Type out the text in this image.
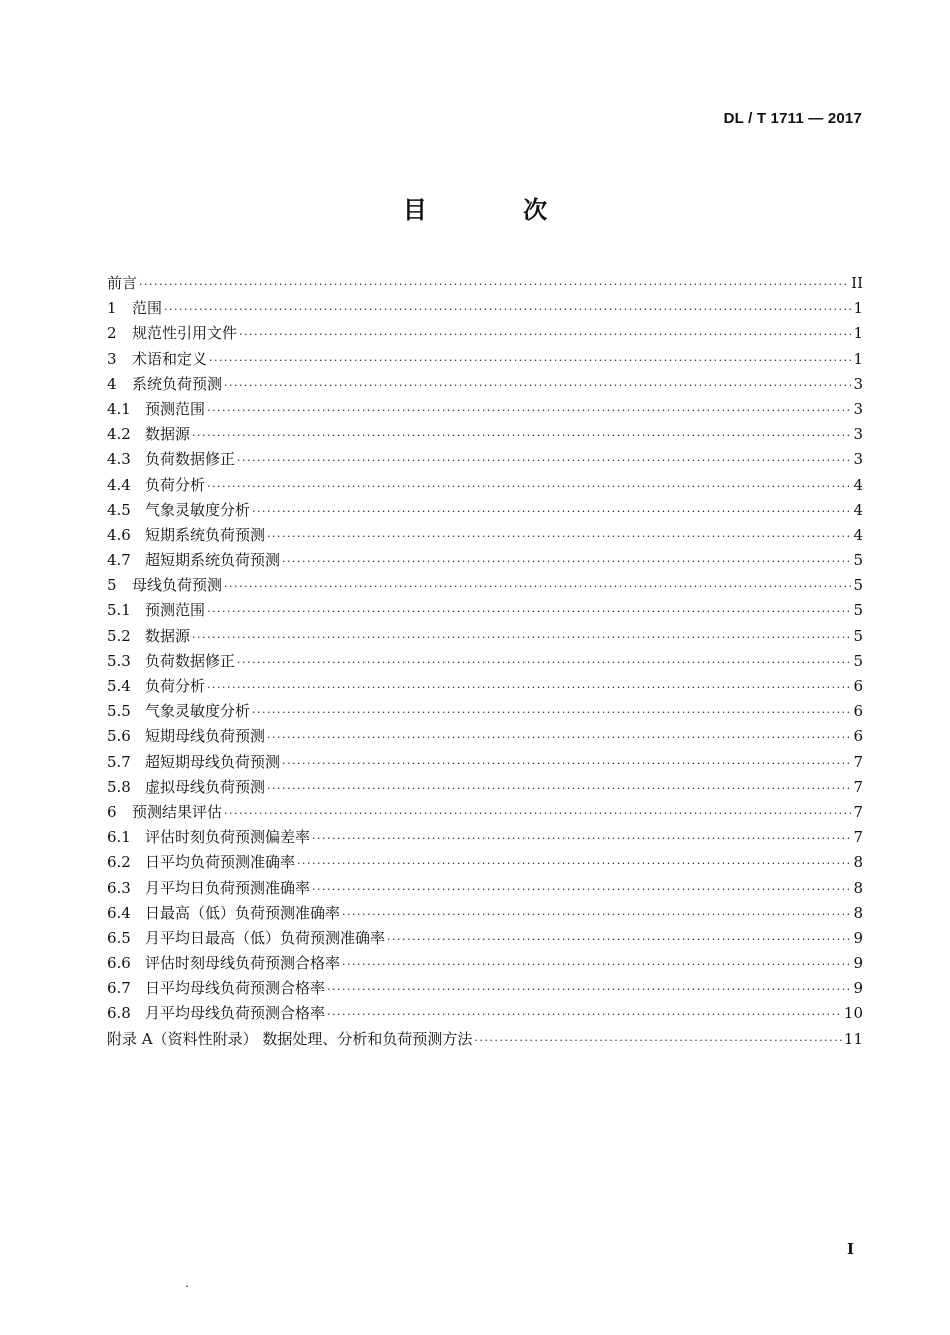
DL / T 1711 — 2017
目 次
前言 ·····	II
1	范围 ·····	1
2	规范性引用文件 ·····	1
3	术语和定义 ·····	1
4	系统负荷预测 ·····	3
4.1 预测范围 ·····	3
4.2 数据源 ·····	3
4.3 负荷数据修正 ·····	3
4.4 负荷分析 ·····	4
4.5 气象灵敏度分析 ·····	4
4.6 短期系统负荷预测 ·····	4
4.7 超短期系统负荷预测 ·····	5
5	母线负荷预测 ·····	5
5.1 预测范围 ·····	5
5.2 数据源 ·····	5
5.3 负荷数据修正 ·····	5
5.4 负荷分析 ·····	6
5.5 气象灵敏度分析 ·····	6
5.6 短期母线负荷预测 ·····	6
5.7 超短期母线负荷预测 ·····	7
5.8 虚拟母线负荷预测 ·····	7
6	预测结果评估 ·····	7
6.1 评估时刻负荷预测偏差率 ·····	7
6.2 日平均负荷预测准确率 ·····	8
6.3 月平均日负荷预测准确率 ·····	8
6.4 日最高（低）负荷预测准确率 ·····	8
6.5 月平均日最高（低）负荷预测准确率 ·····	9
6.6 评估时刻母线负荷预测合格率 ·····	9
6.7 日平均母线负荷预测合格率 ·····	9
6.8 月平均母线负荷预测合格率 ·····	10
附录 A（资料性附录） 数据处理、分析和负荷预测方法 ·····	11
I
.
